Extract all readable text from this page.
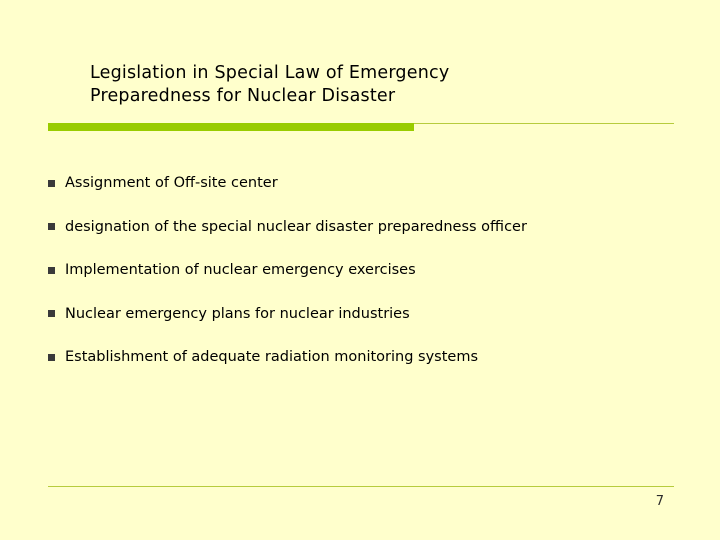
Legislation in Special Law of Emergency
Preparedness for Nuclear Disaster
Assignment of Off-site center
designation of the special nuclear disaster preparedness officer
Implementation of nuclear emergency exercises
Nuclear emergency plans for nuclear industries
Establishment of adequate radiation monitoring systems
7
